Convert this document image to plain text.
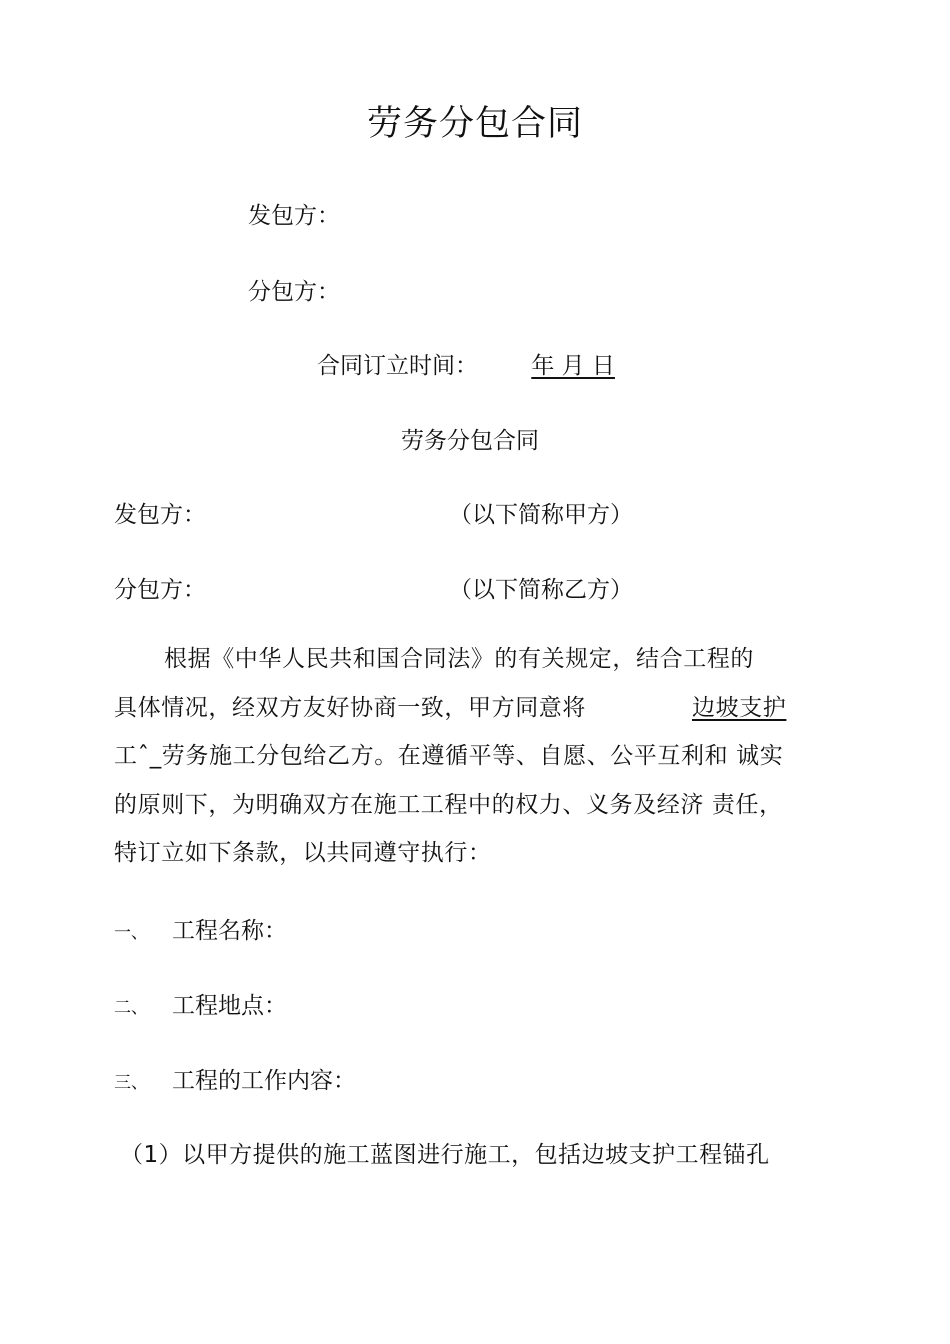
劳务分包合同
发包方：
分包方：
合同订立时间： 年 月 日
劳务分包合同
发包方：	（以下简称甲方）
分包方：	（以下简称乙方）
根据《中华人民共和国合同法》的有关规定，结合工程的
具体情况，经双方友好协商一致，甲方同意将	边坡支护
工ˆ_劳务施工分包给乙方。在遵循平等、自愿、公平互利和 诚实
的原则下，为明确双方在施工工程中的权力、义务及经济 责任，
特订立如下条款，以共同遵守执行：
一、 工程名称：
二、 工程地点：
三、 工程的工作内容：
（1）以甲方提供的施工蓝图进行施工，包括边坡支护工程锚孔
